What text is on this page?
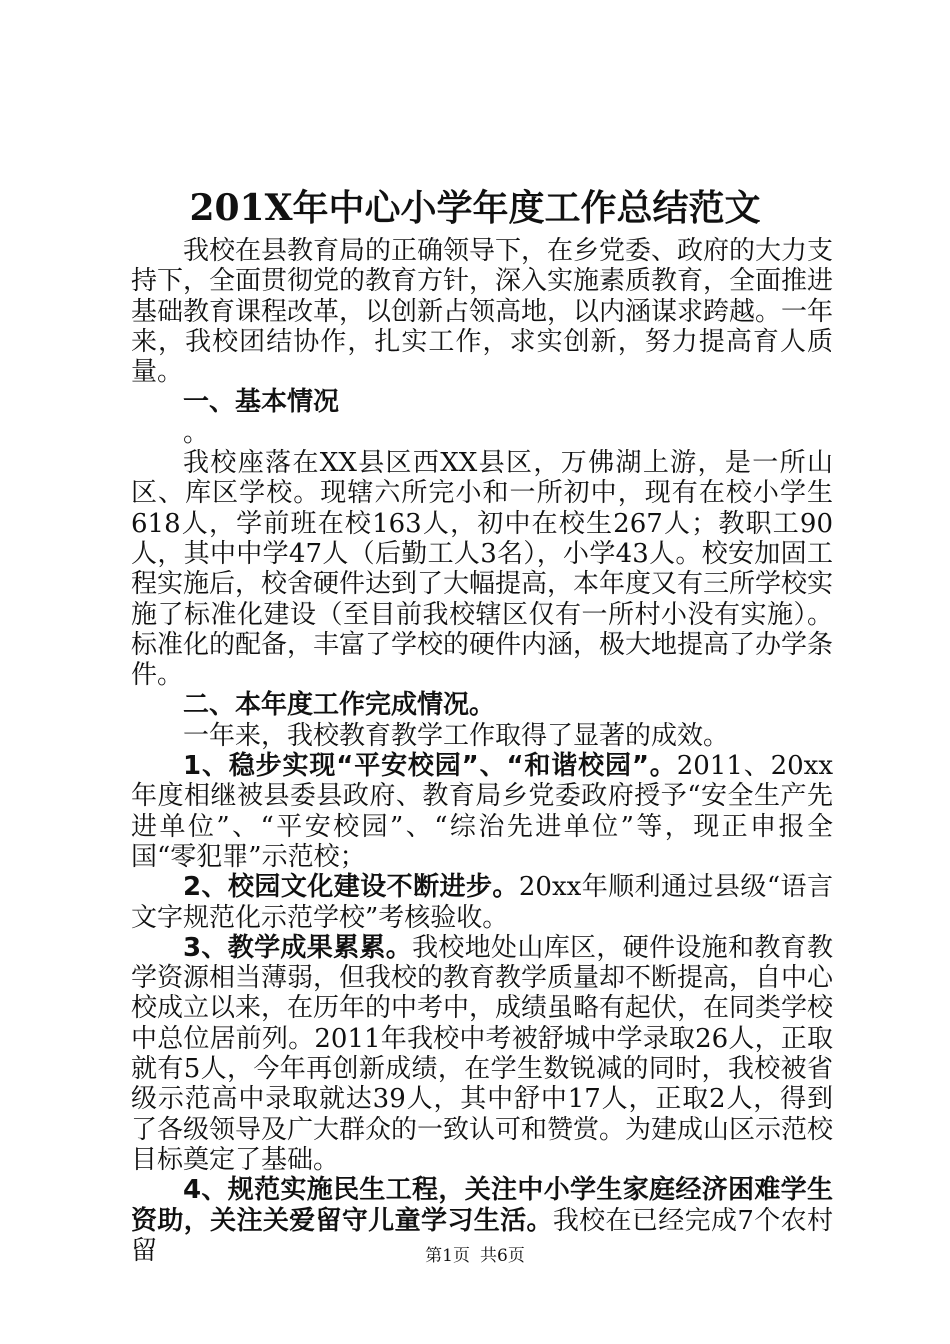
201X年中心小学年度工作总结范文

我校在县教育局的正确领导下，在乡党委、政府的大力支持下，全面贯彻党的教育方针，深入实施素质教育，全面推进基础教育课程改革，以创新占领高地，以内涵谋求跨越。一年来，我校团结协作，扎实工作，求实创新，努力提高育人质量。

一、基本情况

。

我校座落在XX县区西XX县区，万佛湖上游，是一所山区、库区学校。现辖六所完小和一所初中，现有在校小学生618人，学前班在校163人，初中在校生267人；教职工90人，其中中学47人（后勤工人3名），小学43人。校安加固工程实施后，校舍硬件达到了大幅提高，本年度又有三所学校实施了标准化建设（至目前我校辖区仅有一所村小没有实施）。标准化的配备，丰富了学校的硬件内涵，极大地提高了办学条件。

二、本年度工作完成情况。

一年来，我校教育教学工作取得了显著的成效。

1、稳步实现“平安校园”、“和谐校园”。2011、20xx年度相继被县委县政府、教育局乡党委政府授予“安全生产先进单位”、“平安校园”、“综治先进单位”等，现正申报全国“零犯罪”示范校；

2、校园文化建设不断进步。20xx年顺利通过县级“语言文字规范化示范学校”考核验收。

3、教学成果累累。我校地处山库区，硬件设施和教育教学资源相当薄弱，但我校的教育教学质量却不断提高，自中心校成立以来，在历年的中考中，成绩虽略有起伏，在同类学校中总位居前列。2011年我校中考被舒城中学录取26人，正取就有5人，今年再创新成绩，在学生数锐减的同时，我校被省级示范高中录取就达39人，其中舒中17人，正取2人，得到了各级领导及广大群众的一致认可和赞赏。为建成山区示范校目标奠定了基础。

4、规范实施民生工程，关注中小学生家庭经济困难学生资助，关注关爱留守儿童学习生活。我校在已经完成7个农村留	第1页 共6页
